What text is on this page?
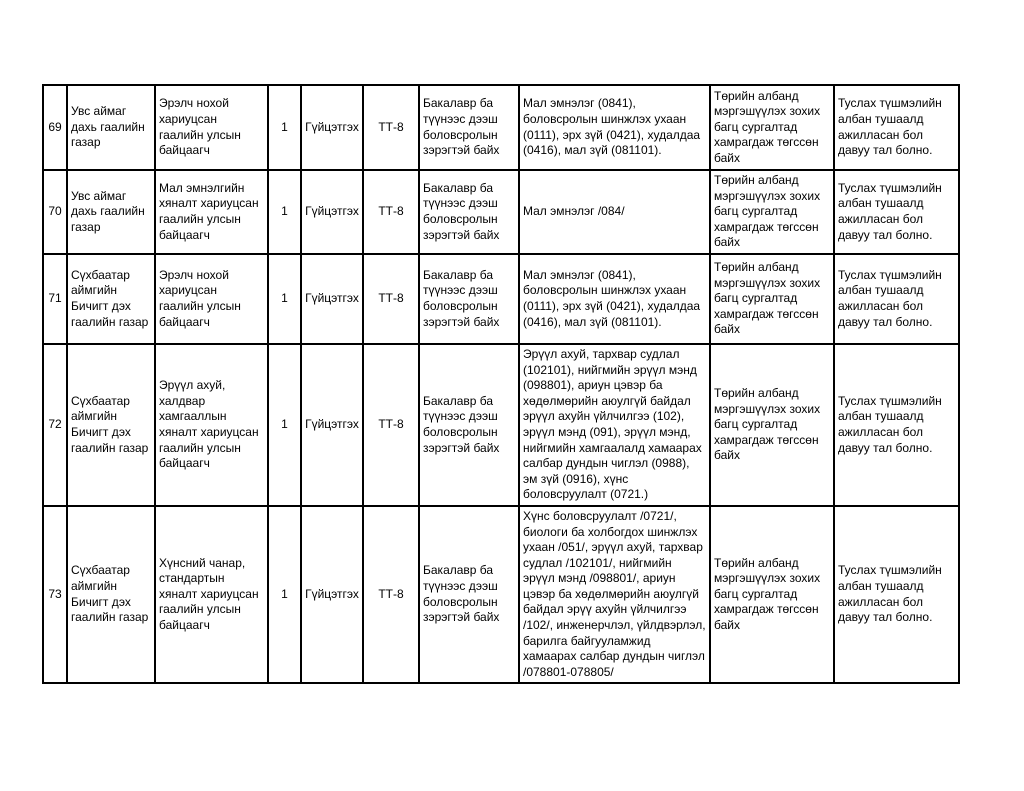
69	Увс аймаг дахь гаалийн газар	Эрэлч нохой хариуцсан гаалийн улсын байцаагч	1	Гүйцэтгэх	ТТ-8	Бакалавр ба түүнээс дээш боловсролын зэрэгтэй байх	Мал эмнэлэг (0841), боловсролын шинжлэх ухаан (0111), эрх зүй (0421), худалдаа (0416), мал зүй (081101).	Төрийн албанд мэргэшүүлэх зохих багц сургалтад хамрагдаж төгссөн байх	Туслах түшмэлийн албан тушаалд ажилласан бол давуу тал болно.
70	Увс аймаг дахь гаалийн газар	Мал эмнэлгийн хяналт хариуцсан гаалийн улсын байцаагч	1	Гүйцэтгэх	ТТ-8	Бакалавр ба түүнээс дээш боловсролын зэрэгтэй байх	Мал эмнэлэг /084/	Төрийн албанд мэргэшүүлэх зохих багц сургалтад хамрагдаж төгссөн байх	Туслах түшмэлийн албан тушаалд ажилласан бол давуу тал болно.
71	Сүхбаатар аймгийн Бичигт дэх гаалийн газар	Эрэлч нохой хариуцсан гаалийн улсын байцаагч	1	Гүйцэтгэх	ТТ-8	Бакалавр ба түүнээс дээш боловсролын зэрэгтэй байх	Мал эмнэлэг (0841), боловсролын шинжлэх ухаан (0111), эрх зүй (0421), худалдаа (0416), мал зүй (081101).	Төрийн албанд мэргэшүүлэх зохих багц сургалтад хамрагдаж төгссөн байх	Туслах түшмэлийн албан тушаалд ажилласан бол давуу тал болно.
72	Сүхбаатар аймгийн Бичигт дэх гаалийн газар	Эрүүл ахуй, халдвар хамгааллын хяналт хариуцсан гаалийн улсын байцаагч	1	Гүйцэтгэх	ТТ-8	Бакалавр ба түүнээс дээш боловсролын зэрэгтэй байх	Эрүүл ахуй, тархвар судлал (102101), нийгмийн эрүүл мэнд (098801), ариун цэвэр ба хөдөлмөрийн аюулгүй байдал эрүүл ахуйн үйлчилгээ (102), эрүүл мэнд (091), эрүүл мэнд, нийгмийн хамгаалалд хамаарах салбар дундын чиглэл (0988), эм зүй (0916), хүнс боловсруулалт (0721.)	Төрийн албанд мэргэшүүлэх зохих багц сургалтад хамрагдаж төгссөн байх	Туслах түшмэлийн албан тушаалд ажилласан бол давуу тал болно.
73	Сүхбаатар аймгийн Бичигт дэх гаалийн газар	Хүнсний чанар, стандартын хяналт хариуцсан гаалийн улсын байцаагч	1	Гүйцэтгэх	ТТ-8	Бакалавр ба түүнээс дээш боловсролын зэрэгтэй байх	Хүнс боловсруулалт /0721/, биологи ба холбогдох шинжлэх ухаан /051/, эрүүл ахуй, тархвар судлал /102101/, нийгмийн эрүүл мэнд /098801/, ариун цэвэр ба хөдөлмөрийн аюулгүй байдал эрүү ахуйн үйлчилгээ /102/, инженерчлэл, үйлдвэрлэл, барилга байгууламжид хамаарах салбар дундын чиглэл /078801-078805/	Төрийн албанд мэргэшүүлэх зохих багц сургалтад хамрагдаж төгссөн байх	Туслах түшмэлийн албан тушаалд ажилласан бол давуу тал болно.
